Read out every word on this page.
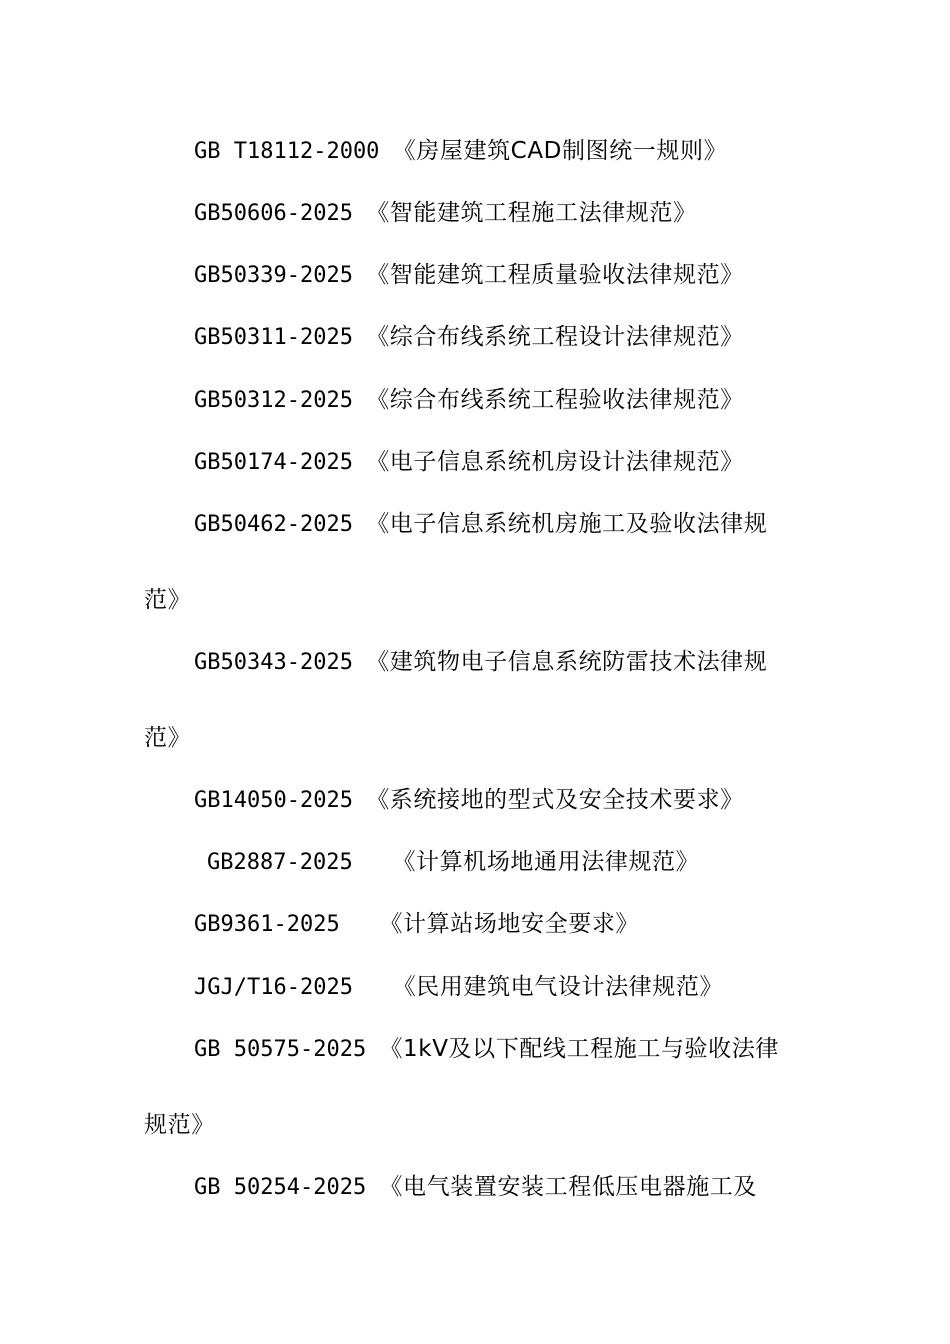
GB T18112-2000 《房屋建筑CAD制图统一规则》
GB50606-2025 《智能建筑工程施工法律规范》
GB50339-2025 《智能建筑工程质量验收法律规范》
GB50311-2025 《综合布线系统工程设计法律规范》
GB50312-2025 《综合布线系统工程验收法律规范》
GB50174-2025 《电子信息系统机房设计法律规范》
GB50462-2025 《电子信息系统机房施工及验收法律规
范》
GB50343-2025 《建筑物电子信息系统防雷技术法律规
范》
GB14050-2025 《系统接地的型式及安全技术要求》
GB2887-2025   《计算机场地通用法律规范》
GB9361-2025   《计算站场地安全要求》
JGJ/T16-2025   《民用建筑电气设计法律规范》
GB 50575-2025 《1kV及以下配线工程施工与验收法律
规范》
GB 50254-2025 《电气装置安装工程低压电器施工及
